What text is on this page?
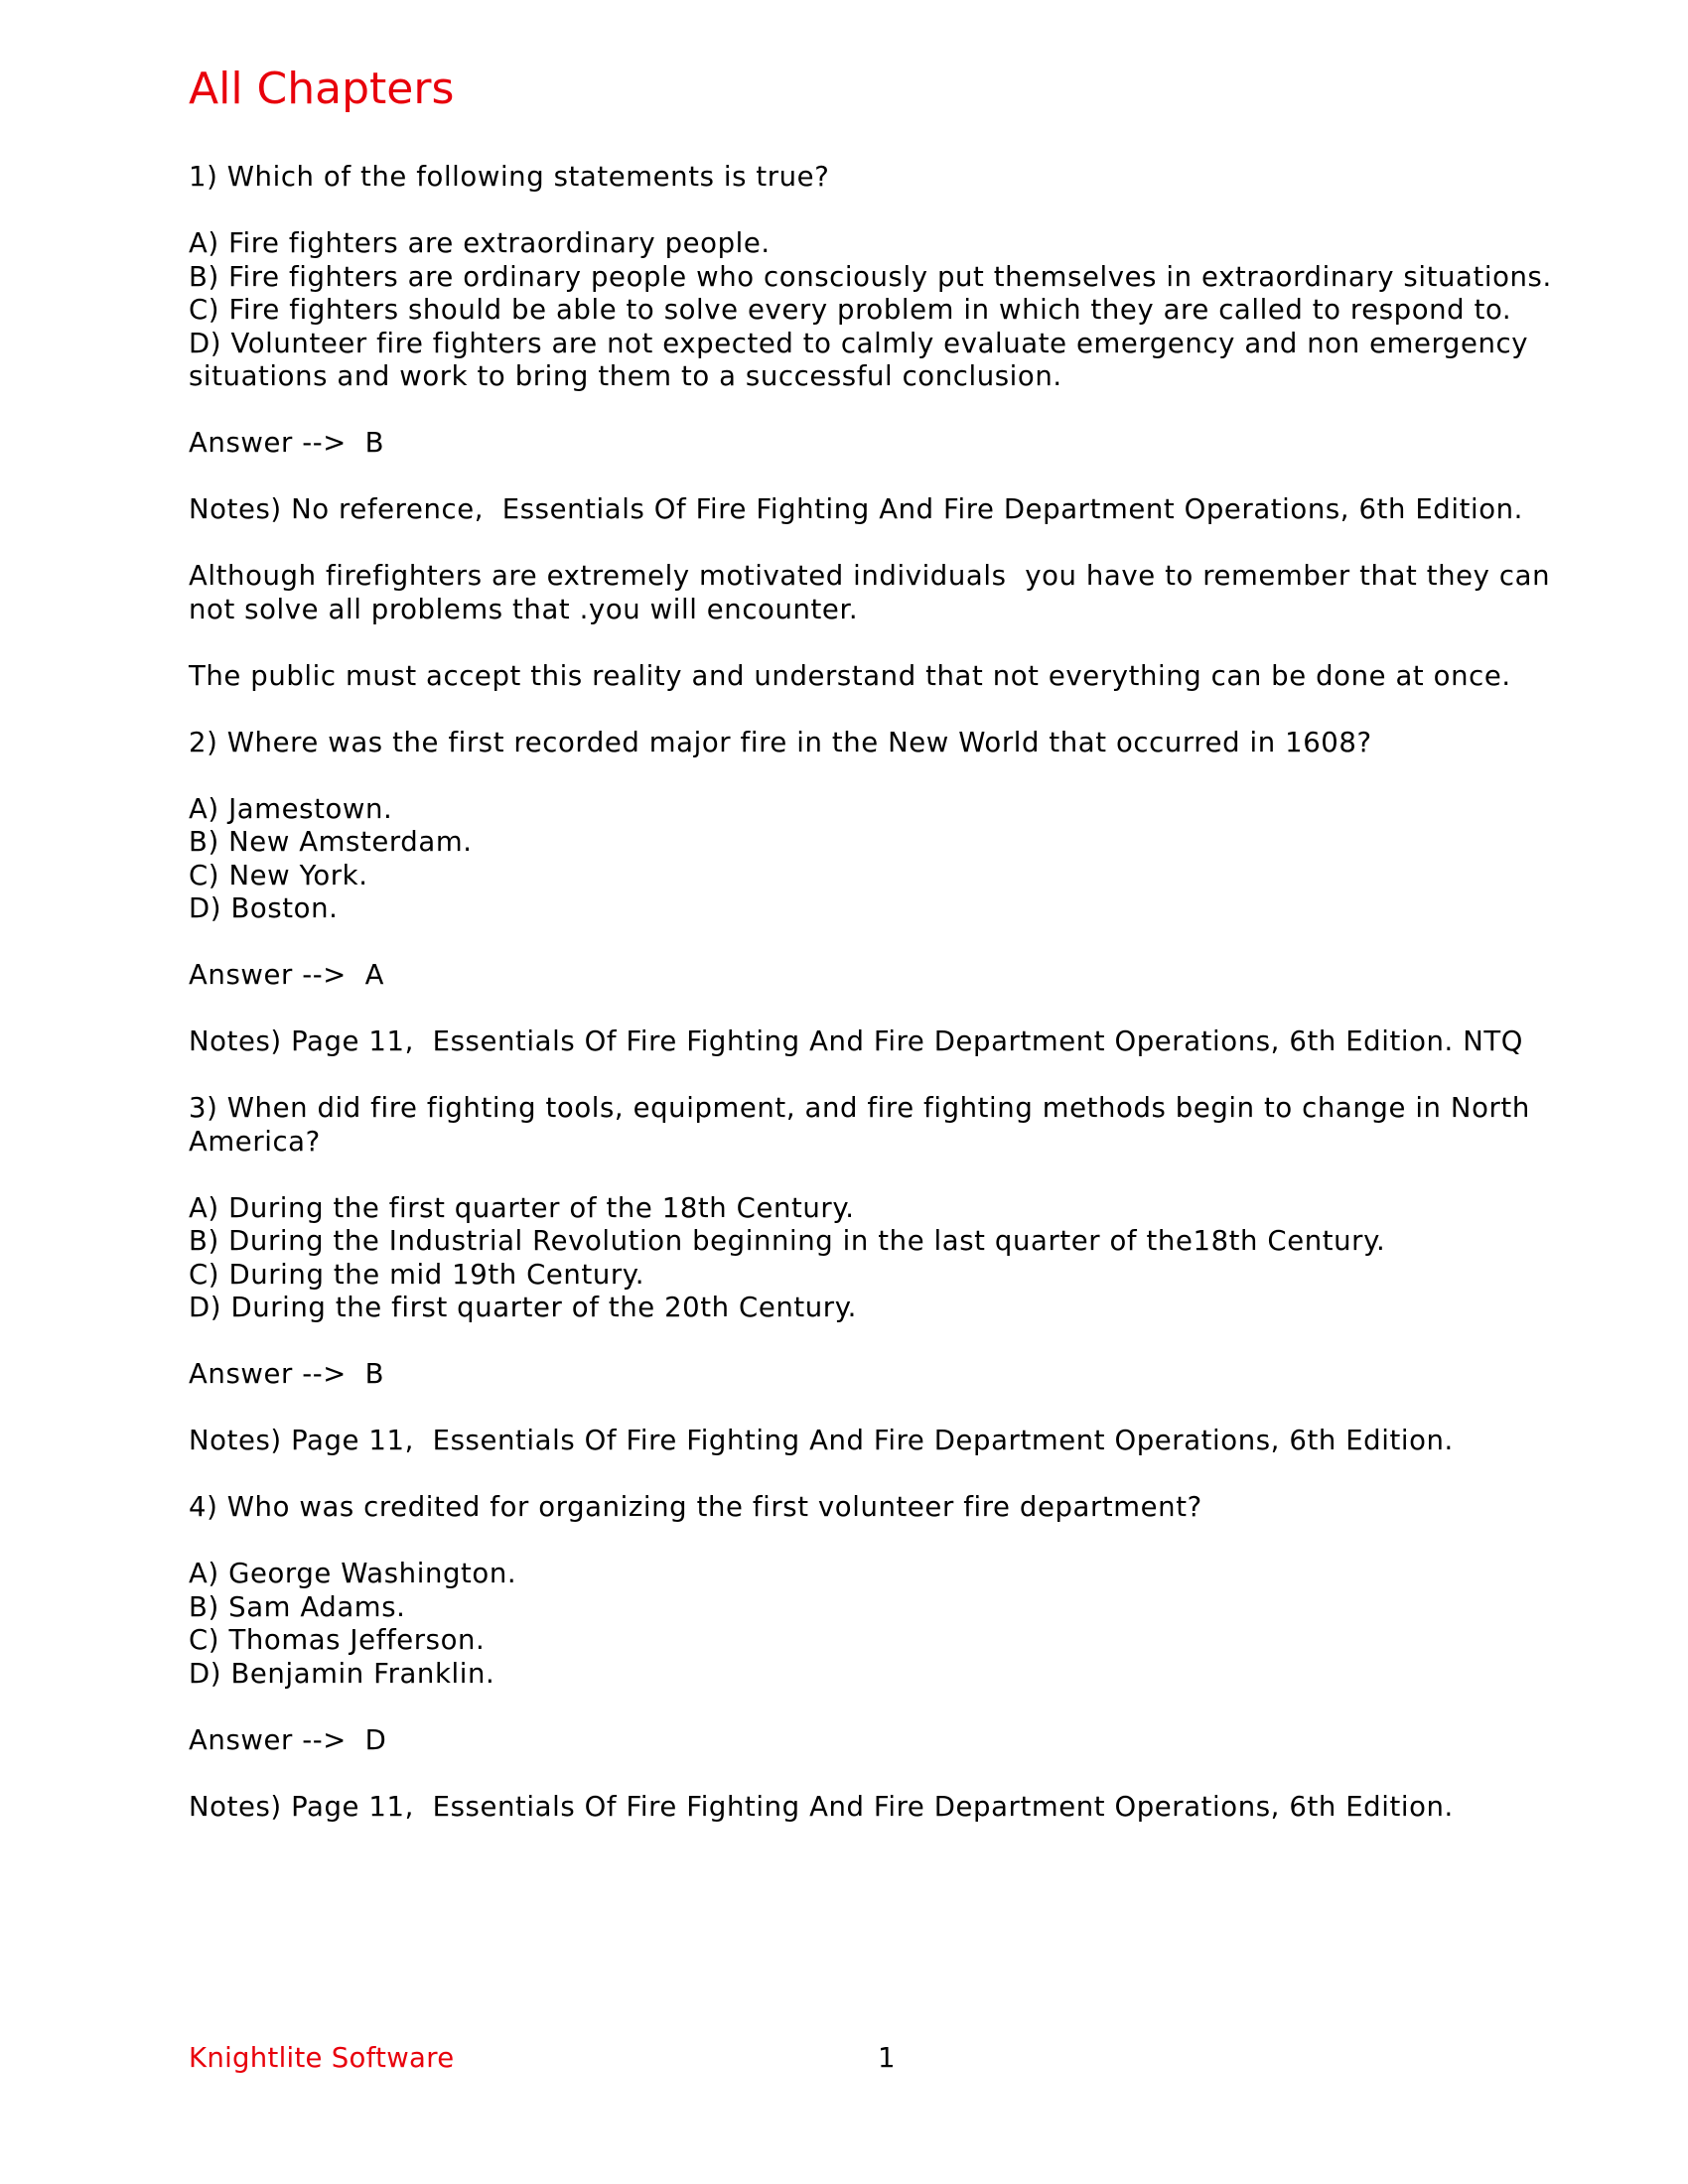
All Chapters
1) Which of the following statements is true?
A) Fire fighters are extraordinary people.
B) Fire fighters are ordinary people who consciously put themselves in extraordinary situations.
C) Fire fighters should be able to solve every problem in which they are called to respond to.
D) Volunteer fire fighters are not expected to calmly evaluate emergency and non emergency
situations and work to bring them to a successful conclusion.
Answer -->  B
Notes) No reference,  Essentials Of Fire Fighting And Fire Department Operations, 6th Edition.
Although firefighters are extremely motivated individuals  you have to remember that they can
not solve all problems that .you will encounter.
The public must accept this reality and understand that not everything can be done at once.
2) Where was the first recorded major fire in the New World that occurred in 1608?
A) Jamestown.
B) New Amsterdam.
C) New York.
D) Boston.
Answer -->  A
Notes) Page 11,  Essentials Of Fire Fighting And Fire Department Operations, 6th Edition. NTQ
3) When did fire fighting tools, equipment, and fire fighting methods begin to change in North
America?
A) During the first quarter of the 18th Century.
B) During the Industrial Revolution beginning in the last quarter of the18th Century.
C) During the mid 19th Century.
D) During the first quarter of the 20th Century.
Answer -->  B
Notes) Page 11,  Essentials Of Fire Fighting And Fire Department Operations, 6th Edition.
4) Who was credited for organizing the first volunteer fire department?
A) George Washington.
B) Sam Adams.
C) Thomas Jefferson.
D) Benjamin Franklin.
Answer -->  D
Notes) Page 11,  Essentials Of Fire Fighting And Fire Department Operations, 6th Edition.
Knightlite Software	1
